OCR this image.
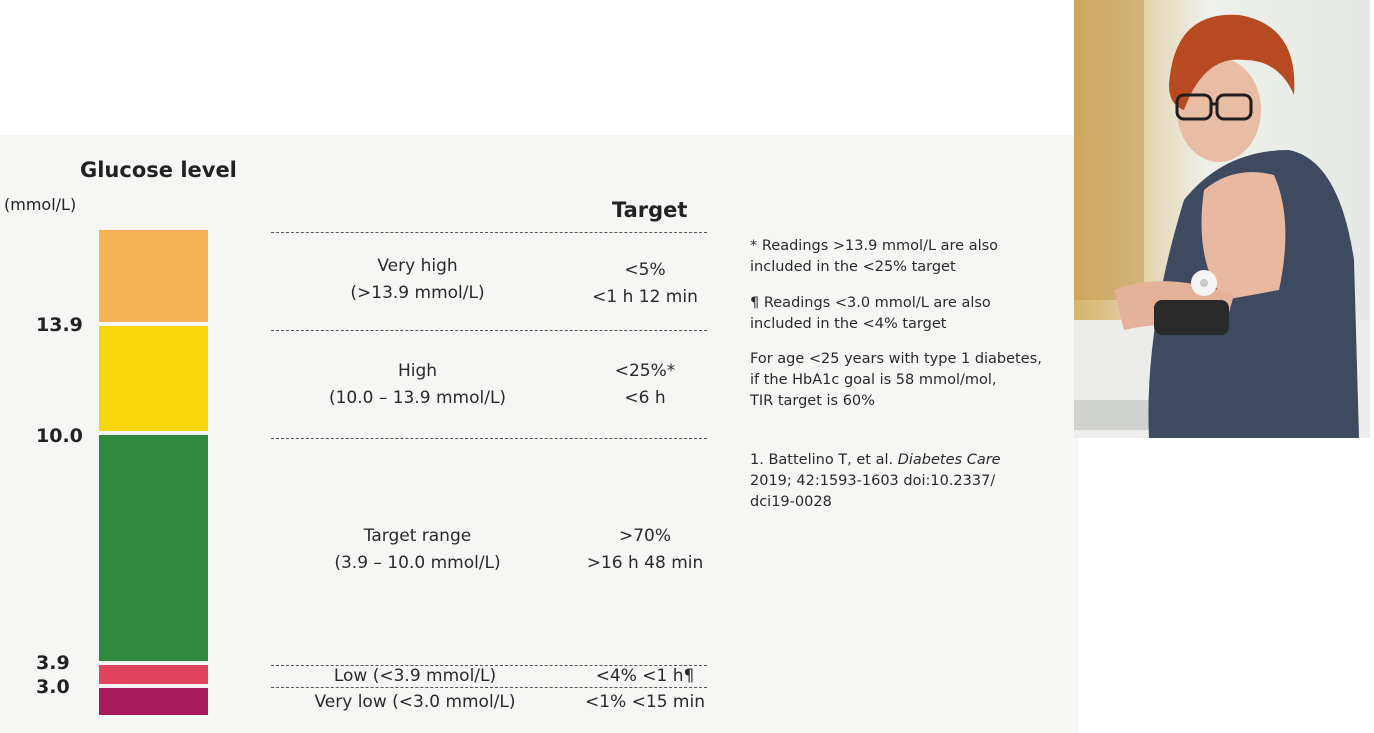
Glucose level
(mmol/L)
13.9
10.0
3.9
3.0
Target
Very high
(>13.9 mmol/L)
<5%
<1 h 12 min
High
(10.0 – 13.9 mmol/L)
<25%*
<6 h
Target range
(3.9 – 10.0 mmol/L)
>70%
>16 h 48 min
Low (<3.9 mmol/L)	<4% <1 h¶
Very low (<3.0 mmol/L)	<1% <15 min
* Readings >13.9 mmol/L are also
included in the <25% target
¶ Readings <3.0 mmol/L are also
included in the <4% target
For age <25 years with type 1 diabetes,
if the HbA1c goal is 58 mmol/mol,
TIR target is 60%
1. Battelino T, et al. Diabetes Care
2019; 42:1593-1603 doi:10.2337/
dci19-0028
